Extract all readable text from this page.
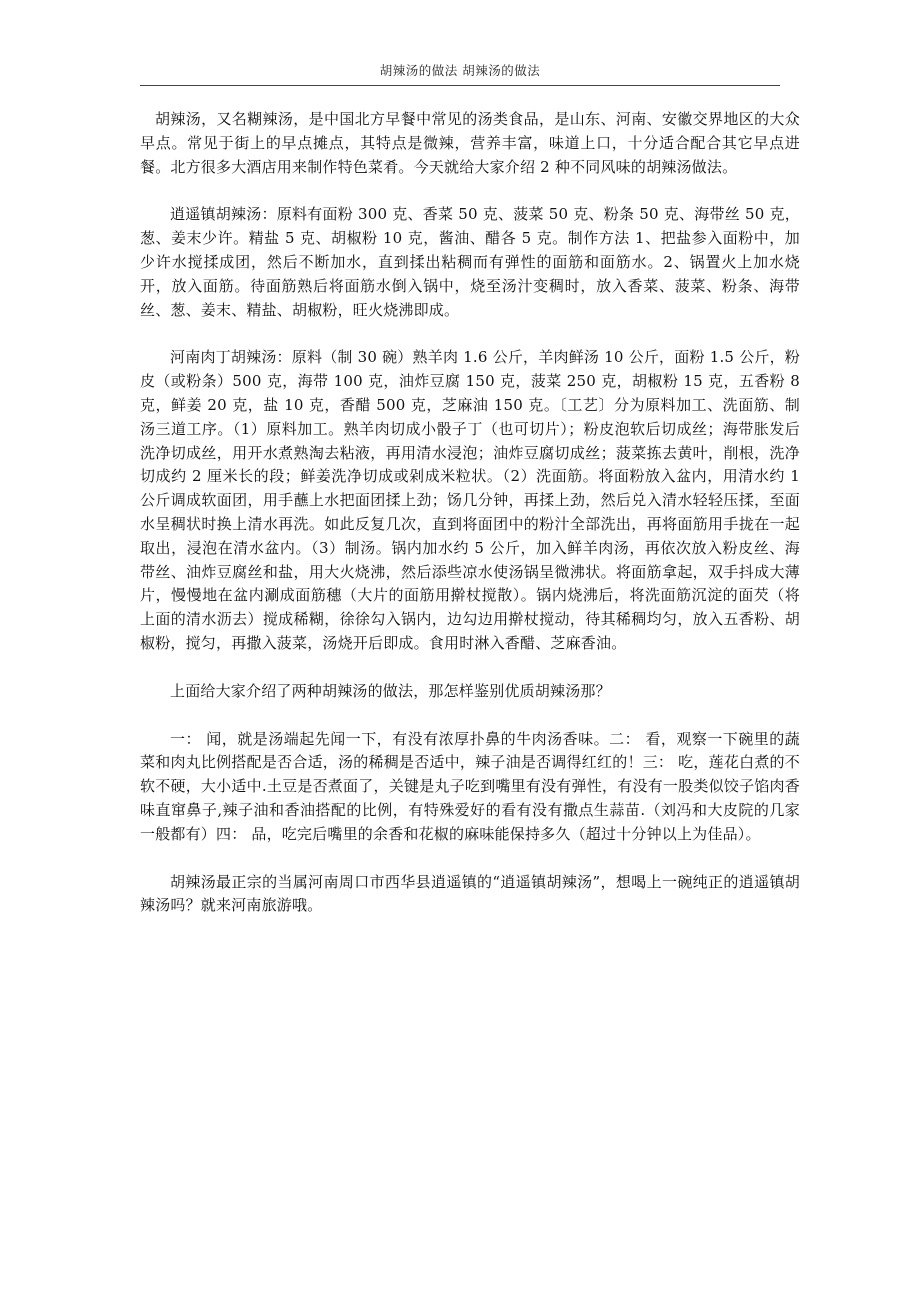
胡辣汤的做法 胡辣汤的做法

胡辣汤，又名糊辣汤，是中国北方早餐中常见的汤类食品，是山东、河南、安徽交界地区的大众早点。常见于街上的早点摊点，其特点是微辣，营养丰富，味道上口，十分适合配合其它早点进餐。北方很多大酒店用来制作特色菜肴。今天就给大家介绍 2 种不同风味的胡辣汤做法。

逍遥镇胡辣汤：原料有面粉 300 克、香菜 50 克、菠菜 50 克、粉条 50 克、海带丝 50 克，葱、姜末少许。精盐 5 克、胡椒粉 10 克，酱油、醋各 5 克。制作方法 1、把盐参入面粉中，加少许水搅揉成团，然后不断加水，直到揉出粘稠而有弹性的面筋和面筋水。2、锅置火上加水烧开，放入面筋。待面筋熟后将面筋水倒入锅中，烧至汤汁变稠时，放入香菜、菠菜、粉条、海带丝、葱、姜末、精盐、胡椒粉，旺火烧沸即成。

河南肉丁胡辣汤：原料（制 30 碗）熟羊肉 1.6 公斤，羊肉鲜汤 10 公斤，面粉 1.5 公斤，粉皮（或粉条）500 克，海带 100 克，油炸豆腐 150 克，菠菜 250 克，胡椒粉 15 克，五香粉 8 克，鲜姜 20 克，盐 10 克，香醋 500 克，芝麻油 150 克。〔工艺〕分为原料加工、洗面筋、制汤三道工序。（1）原料加工。熟羊肉切成小骰子丁（也可切片）；粉皮泡软后切成丝；海带胀发后洗净切成丝，用开水煮熟淘去粘液，再用清水浸泡；油炸豆腐切成丝；菠菜拣去黄叶，削根，洗净切成约 2 厘米长的段；鲜姜洗净切成或剁成米粒状。（2）洗面筋。将面粉放入盆内，用清水约 1 公斤调成软面团，用手蘸上水把面团揉上劲；饧几分钟，再揉上劲，然后兑入清水轻轻压揉，至面水呈稠状时换上清水再洗。如此反复几次，直到将面团中的粉汁全部洗出，再将面筋用手拢在一起取出，浸泡在清水盆内。（3）制汤。锅内加水约 5 公斤，加入鲜羊肉汤，再依次放入粉皮丝、海带丝、油炸豆腐丝和盐，用大火烧沸，然后添些凉水使汤锅呈微沸状。将面筋拿起，双手抖成大薄片，慢慢地在盆内涮成面筋穗（大片的面筋用擀杖搅散）。锅内烧沸后，将洗面筋沉淀的面芡（将上面的清水沥去）搅成稀糊，徐徐勾入锅内，边勾边用擀杖搅动，待其稀稠均匀，放入五香粉、胡椒粉，搅匀，再撒入菠菜，汤烧开后即成。食用时淋入香醋、芝麻香油。

上面给大家介绍了两种胡辣汤的做法，那怎样鉴别优质胡辣汤那？

一： 闻，就是汤端起先闻一下，有没有浓厚扑鼻的牛肉汤香味。二： 看，观察一下碗里的蔬菜和肉丸比例搭配是否合适，汤的稀稠是否适中，辣子油是否调得红红的！三： 吃，莲花白煮的不软不硬，大小适中.土豆是否煮面了，关键是丸子吃到嘴里有没有弹性，有没有一股类似饺子馅肉香味直窜鼻子,辣子油和香油搭配的比例，有特殊爱好的看有没有撒点生蒜苗.（刘冯和大皮院的几家一般都有）四： 品，吃完后嘴里的余香和花椒的麻味能保持多久（超过十分钟以上为佳品）。

胡辣汤最正宗的当属河南周口市西华县逍遥镇的“逍遥镇胡辣汤”，想喝上一碗纯正的逍遥镇胡辣汤吗？就来河南旅游哦。
